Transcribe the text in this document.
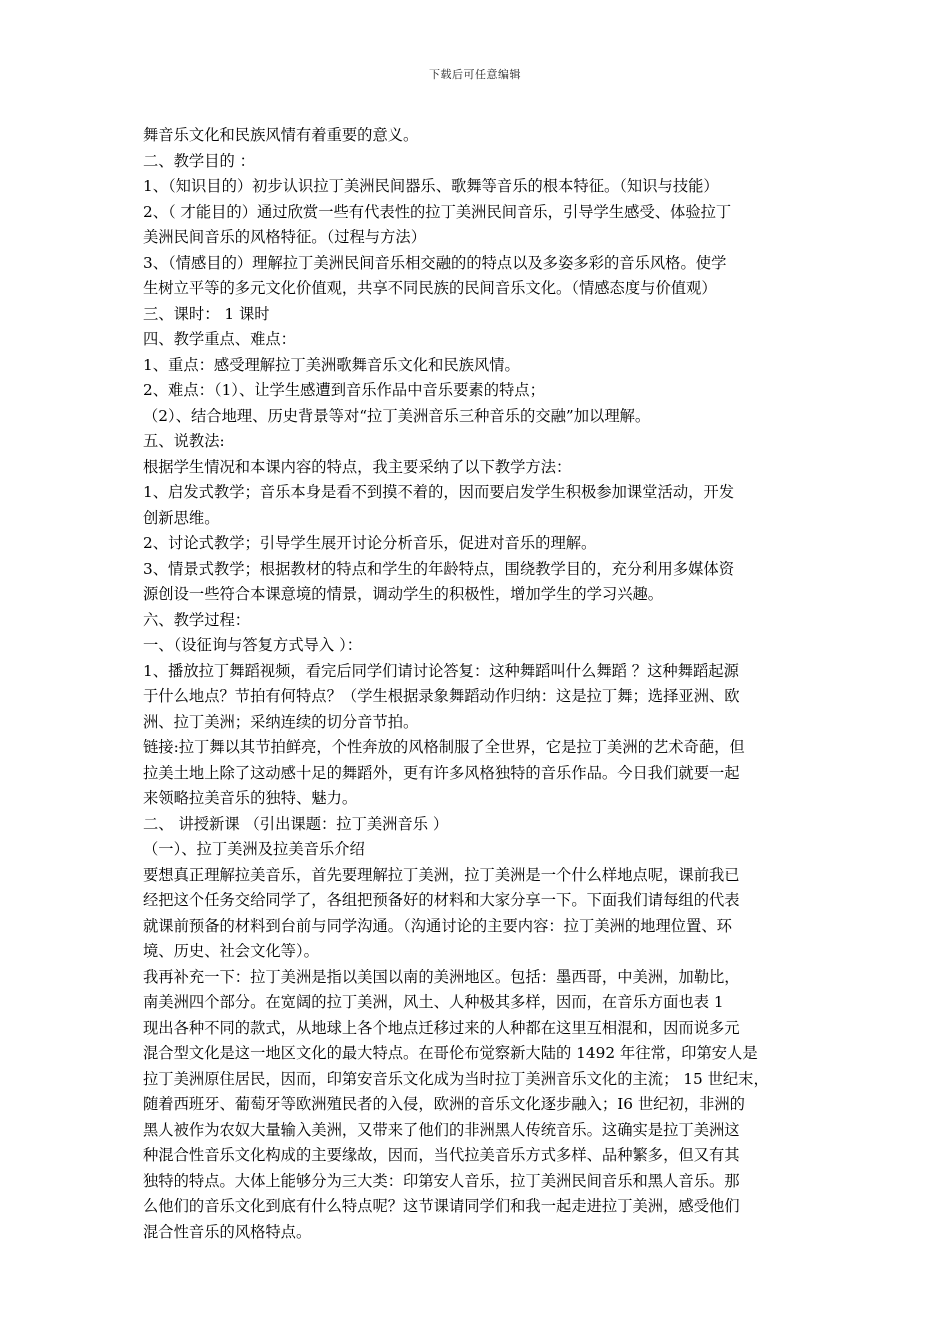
下载后可任意编辑
舞音乐文化和民族风情有着重要的意义。
二、教学目的 ：
1、（知识目的）初步认识拉丁美洲民间器乐、歌舞等音乐的根本特征。（知识与技能）
2、（ 才能目的）通过欣赏一些有代表性的拉丁美洲民间音乐，引导学生感受、体验拉丁
美洲民间音乐的风格特征。（过程与方法）
3、（情感目的）理解拉丁美洲民间音乐相交融的的特点以及多姿多彩的音乐风格。使学
生树立平等的多元文化价值观，共享不同民族的民间音乐文化。（情感态度与价值观）
三、课时： 1 课时
四、教学重点、难点：
1、重点：感受理解拉丁美洲歌舞音乐文化和民族风情。
2、难点：（1）、让学生感遭到音乐作品中音乐要素的特点；
（2）、结合地理、历史背景等对“拉丁美洲音乐三种音乐的交融”加以理解。
五、说教法:
根据学生情况和本课内容的特点，我主要采纳了以下教学方法：
1、启发式教学；音乐本身是看不到摸不着的，因而要启发学生积极参加课堂活动，开发
创新思维。
2、讨论式教学；引导学生展开讨论分析音乐，促进对音乐的理解。
3、情景式教学；根据教材的特点和学生的年龄特点，围绕教学目的，充分利用多媒体资
源创设一些符合本课意境的情景，调动学生的积极性，增加学生的学习兴趣。
六、教学过程：
一、（设征询与答复方式导入 ）：
1、播放拉丁舞蹈视频，看完后同学们请讨论答复：这种舞蹈叫什么舞蹈 ？这种舞蹈起源
于什么地点？节拍有何特点？（学生根据录象舞蹈动作归纳：这是拉丁舞；选择亚洲、欧
洲、拉丁美洲；采纳连续的切分音节拍。
链接:拉丁舞以其节拍鲜亮，个性奔放的风格制服了全世界，它是拉丁美洲的艺术奇葩，但
拉美土地上除了这动感十足的舞蹈外，更有许多风格独特的音乐作品。今日我们就要一起
来领略拉美音乐的独特、魅力。
二、 讲授新课 （引出课题：拉丁美洲音乐 ）
（一）、拉丁美洲及拉美音乐介绍
要想真正理解拉美音乐，首先要理解拉丁美洲，拉丁美洲是一个什么样地点呢，课前我已
经把这个任务交给同学了，各组把预备好的材料和大家分享一下。下面我们请每组的代表
就课前预备的材料到台前与同学沟通。（沟通讨论的主要内容：拉丁美洲的地理位置、环
境、历史、社会文化等）。
我再补充一下：拉丁美洲是指以美国以南的美洲地区。包括：墨西哥，中美洲，加勒比，
南美洲四个部分。在宽阔的拉丁美洲，风土、人种极其多样，因而，在音乐方面也表 1
现出各种不同的款式，从地球上各个地点迁移过来的人种都在这里互相混和，因而说多元
混合型文化是这一地区文化的最大特点。在哥伦布觉察新大陆的 1492 年往常，印第安人是
拉丁美洲原住居民，因而，印第安音乐文化成为当时拉丁美洲音乐文化的主流； 15 世纪末，
随着西班牙、葡萄牙等欧洲殖民者的入侵，欧洲的音乐文化逐步融入；I6 世纪初，非洲的
黑人被作为农奴大量输入美洲，又带来了他们的非洲黑人传统音乐。这确实是拉丁美洲这
种混合性音乐文化构成的主要缘故，因而，当代拉美音乐方式多样、品种繁多，但又有其
独特的特点。大体上能够分为三大类：印第安人音乐，拉丁美洲民间音乐和黑人音乐。那
么他们的音乐文化到底有什么特点呢？这节课请同学们和我一起走进拉丁美洲，感受他们
混合性音乐的风格特点。
